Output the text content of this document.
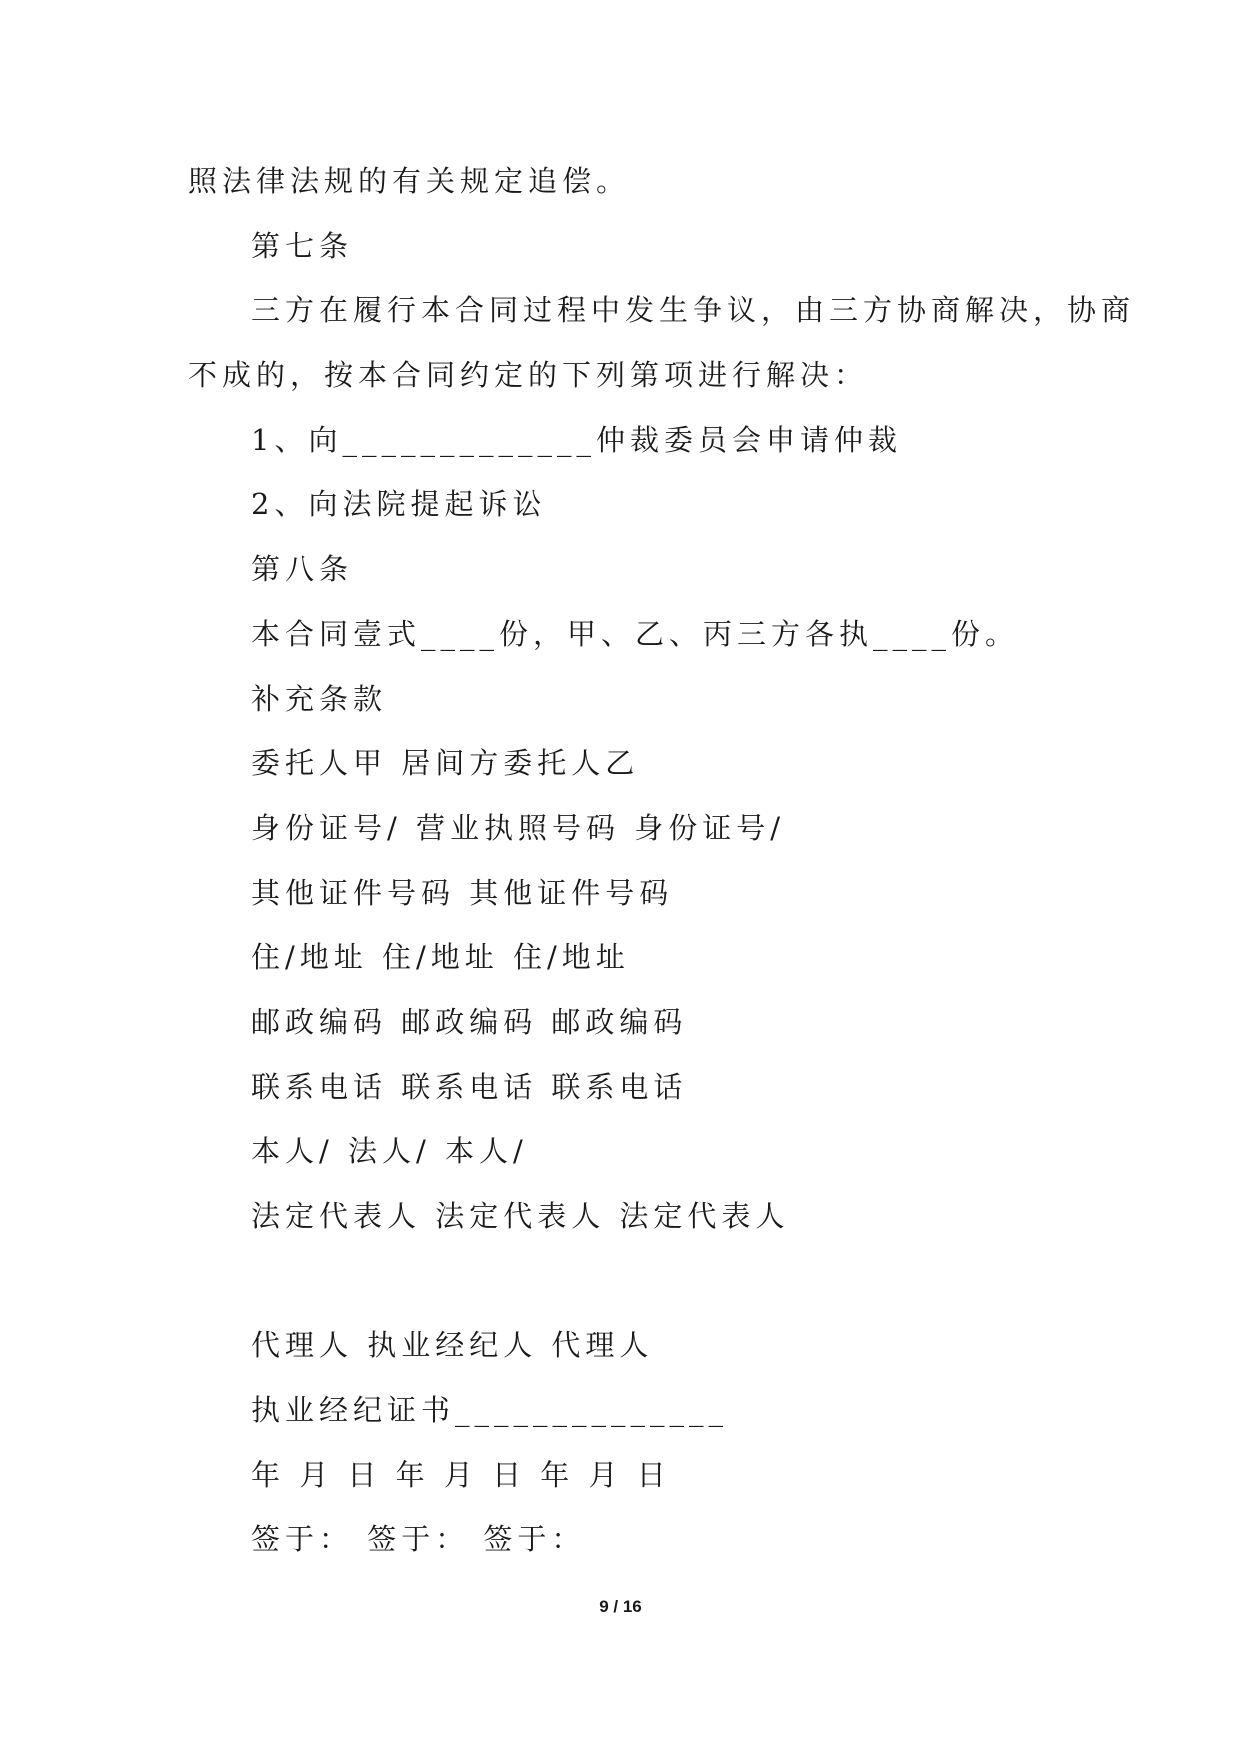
照法律法规的有关规定追偿。
第七条
三方在履行本合同过程中发生争议，由三方协商解决，协商
不成的，按本合同约定的下列第项进行解决：
1、向_____________仲裁委员会申请仲裁
2、向法院提起诉讼
第八条
本合同壹式____份，甲、乙、丙三方各执____份。
补充条款
委托人甲 居间方委托人乙
身份证号/ 营业执照号码 身份证号/
其他证件号码 其他证件号码
住/地址 住/地址 住/地址
邮政编码 邮政编码 邮政编码
联系电话 联系电话 联系电话
本人/ 法人/ 本人/
法定代表人 法定代表人 法定代表人
代理人 执业经纪人 代理人
执业经纪证书______________
年 月 日 年 月 日 年 月 日
签于： 签于： 签于：
9 / 16
